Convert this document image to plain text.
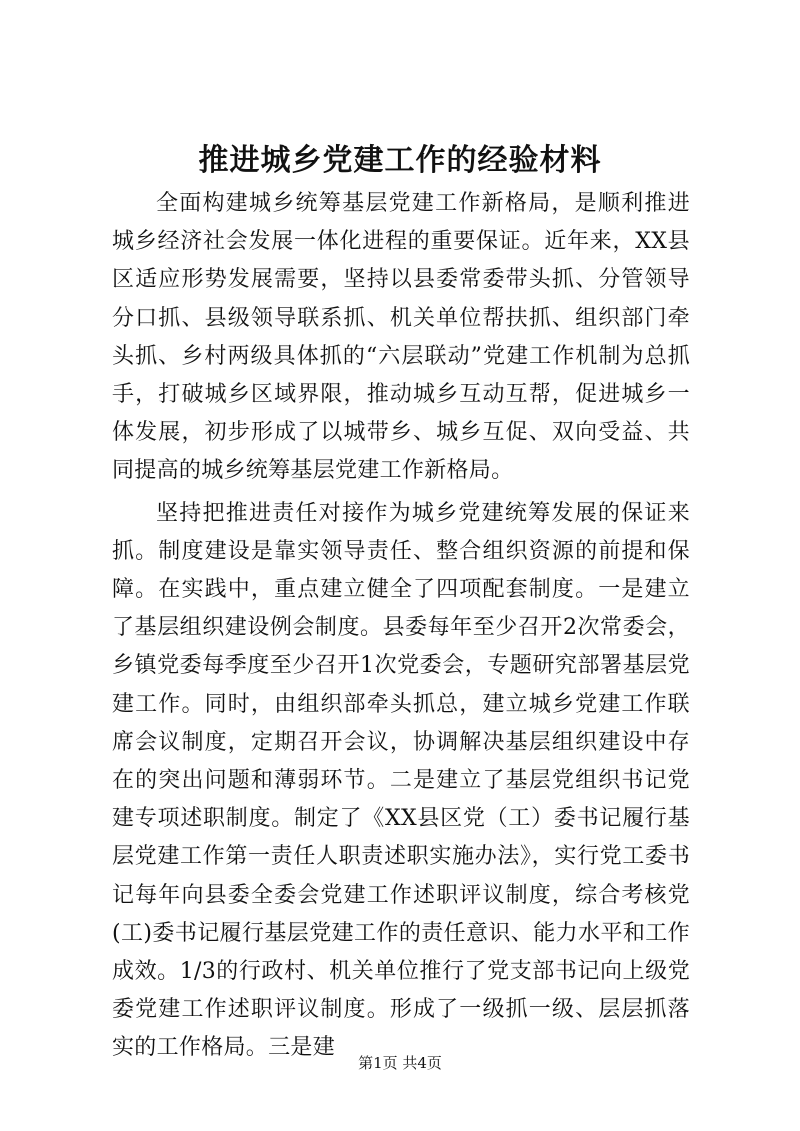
推进城乡党建工作的经验材料

全面构建城乡统筹基层党建工作新格局，是顺利推进城乡经济社会发展一体化进程的重要保证。近年来，XX县区适应形势发展需要，坚持以县委常委带头抓、分管领导分口抓、县级领导联系抓、机关单位帮扶抓、组织部门牵头抓、乡村两级具体抓的“六层联动”党建工作机制为总抓手，打破城乡区域界限，推动城乡互动互帮，促进城乡一体发展，初步形成了以城带乡、城乡互促、双向受益、共同提高的城乡统筹基层党建工作新格局。

坚持把推进责任对接作为城乡党建统筹发展的保证来抓。制度建设是靠实领导责任、整合组织资源的前提和保障。在实践中，重点建立健全了四项配套制度。一是建立了基层组织建设例会制度。县委每年至少召开2次常委会，乡镇党委每季度至少召开1次党委会，专题研究部署基层党建工作。同时，由组织部牵头抓总，建立城乡党建工作联席会议制度，定期召开会议，协调解决基层组织建设中存在的突出问题和薄弱环节。二是建立了基层党组织书记党建专项述职制度。制定了《XX县区党（工）委书记履行基层党建工作第一责任人职责述职实施办法》，实行党工委书记每年向县委全委会党建工作述职评议制度，综合考核党(工)委书记履行基层党建工作的责任意识、能力水平和工作成效。1/3的行政村、机关单位推行了党支部书记向上级党委党建工作述职评议制度。形成了一级抓一级、层层抓落实的工作格局。三是建

第1页 共4页
